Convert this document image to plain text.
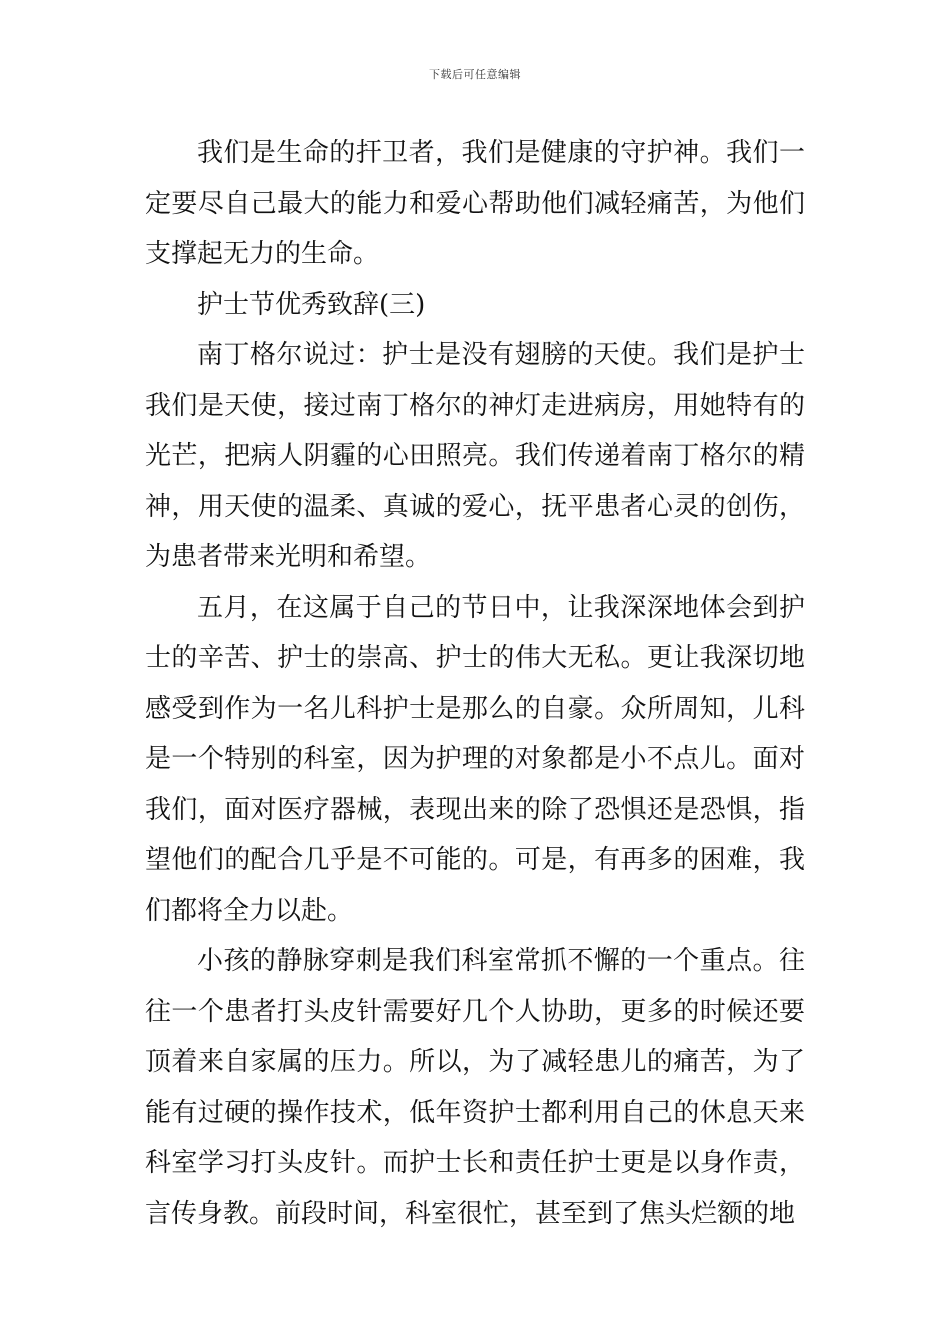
下载后可任意编辑

我们是生命的扞卫者，我们是健康的守护神。我们一定要尽自己最大的能力和爱心帮助他们减轻痛苦，为他们支撑起无力的生命。

护士节优秀致辞(三)

南丁格尔说过：护士是没有翅膀的天使。我们是护士我们是天使，接过南丁格尔的神灯走进病房，用她特有的光芒，把病人阴霾的心田照亮。我们传递着南丁格尔的精神，用天使的温柔、真诚的爱心，抚平患者心灵的创伤，为患者带来光明和希望。

五月，在这属于自己的节日中，让我深深地体会到护士的辛苦、护士的崇高、护士的伟大无私。更让我深切地感受到作为一名儿科护士是那么的自豪。众所周知，儿科是一个特别的科室，因为护理的对象都是小不点儿。面对我们，面对医疗器械，表现出来的除了恐惧还是恐惧，指望他们的配合几乎是不可能的。可是，有再多的困难，我们都将全力以赴。

小孩的静脉穿刺是我们科室常抓不懈的一个重点。往往一个患者打头皮针需要好几个人协助，更多的时候还要顶着来自家属的压力。所以，为了减轻患儿的痛苦，为了能有过硬的操作技术，低年资护士都利用自己的休息天来科室学习打头皮针。而护士长和责任护士更是以身作责，言传身教。前段时间，科室很忙，甚至到了焦头烂额的地
